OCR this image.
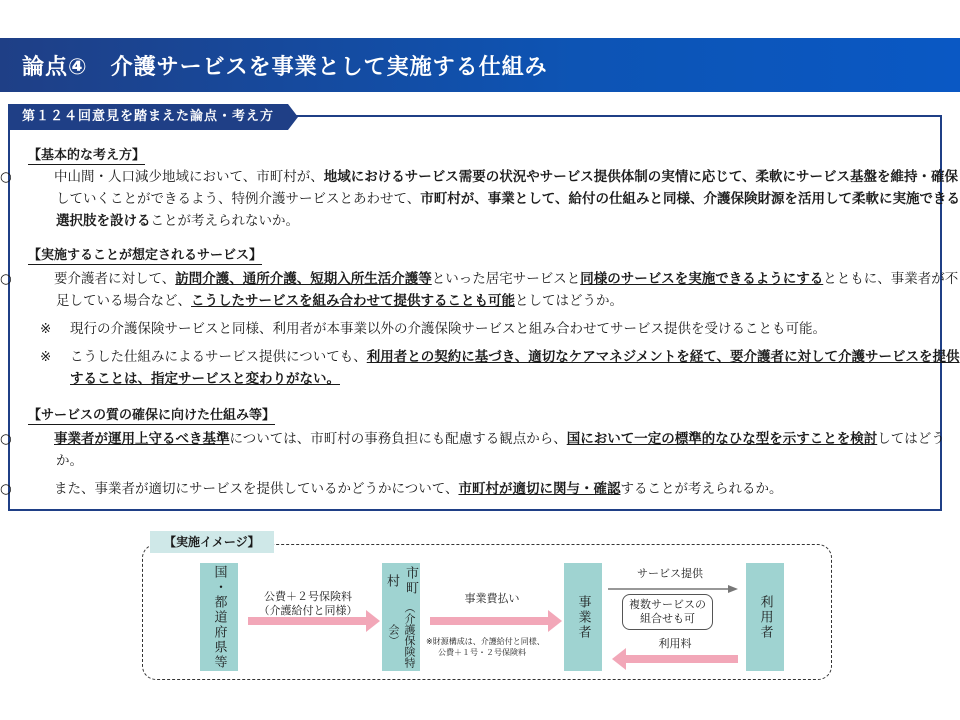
論点④　介護サービスを事業として実施する仕組み
第１２４回意見を踏まえた論点・考え方
【基本的な考え方】
○	中山間・人口減少地域において、市町村が、地域におけるサービス需要の状況やサービス提供体制の実情に応じて、柔軟にサービス基盤を維持・確保していくことができるよう、特例介護サービスとあわせて、市町村が、事業として、給付の仕組みと同様、介護保険財源を活用して柔軟に実施できる選択肢を設けることが考えられないか。
【実施することが想定されるサービス】
○	要介護者に対して、訪問介護、通所介護、短期入所生活介護等といった居宅サービスと同様のサービスを実施できるようにするとともに、事業者が不足している場合など、こうしたサービスを組み合わせて提供することも可能としてはどうか。
※ 現行の介護保険サービスと同様、利用者が本事業以外の介護保険サービスと組み合わせてサービス提供を受けることも可能。
※ こうした仕組みによるサービス提供についても、利用者との契約に基づき、適切なケアマネジメントを経て、要介護者に対して介護サービスを提供することは、指定サービスと変わりがない。
【サービスの質の確保に向けた仕組み等】
○	事業者が運用上守るべき基準については、市町村の事務負担にも配慮する観点から、国において一定の標準的なひな型を示すことを検討してはどうか。
○	また、事業者が適切にサービスを提供しているかどうかについて、市町村が適切に関与・確認することが考えられるか。
【実施イメージ】
国・都道府県等	市町村
（介護保険特会）	事業者	利用者
公費＋２号保険料
（介護給付と同様）
事業費払い
※財源構成は、介護給付と同様、
公費＋１号・２号保険料
サービス提供
複数サービスの
組合せも可
利用料
